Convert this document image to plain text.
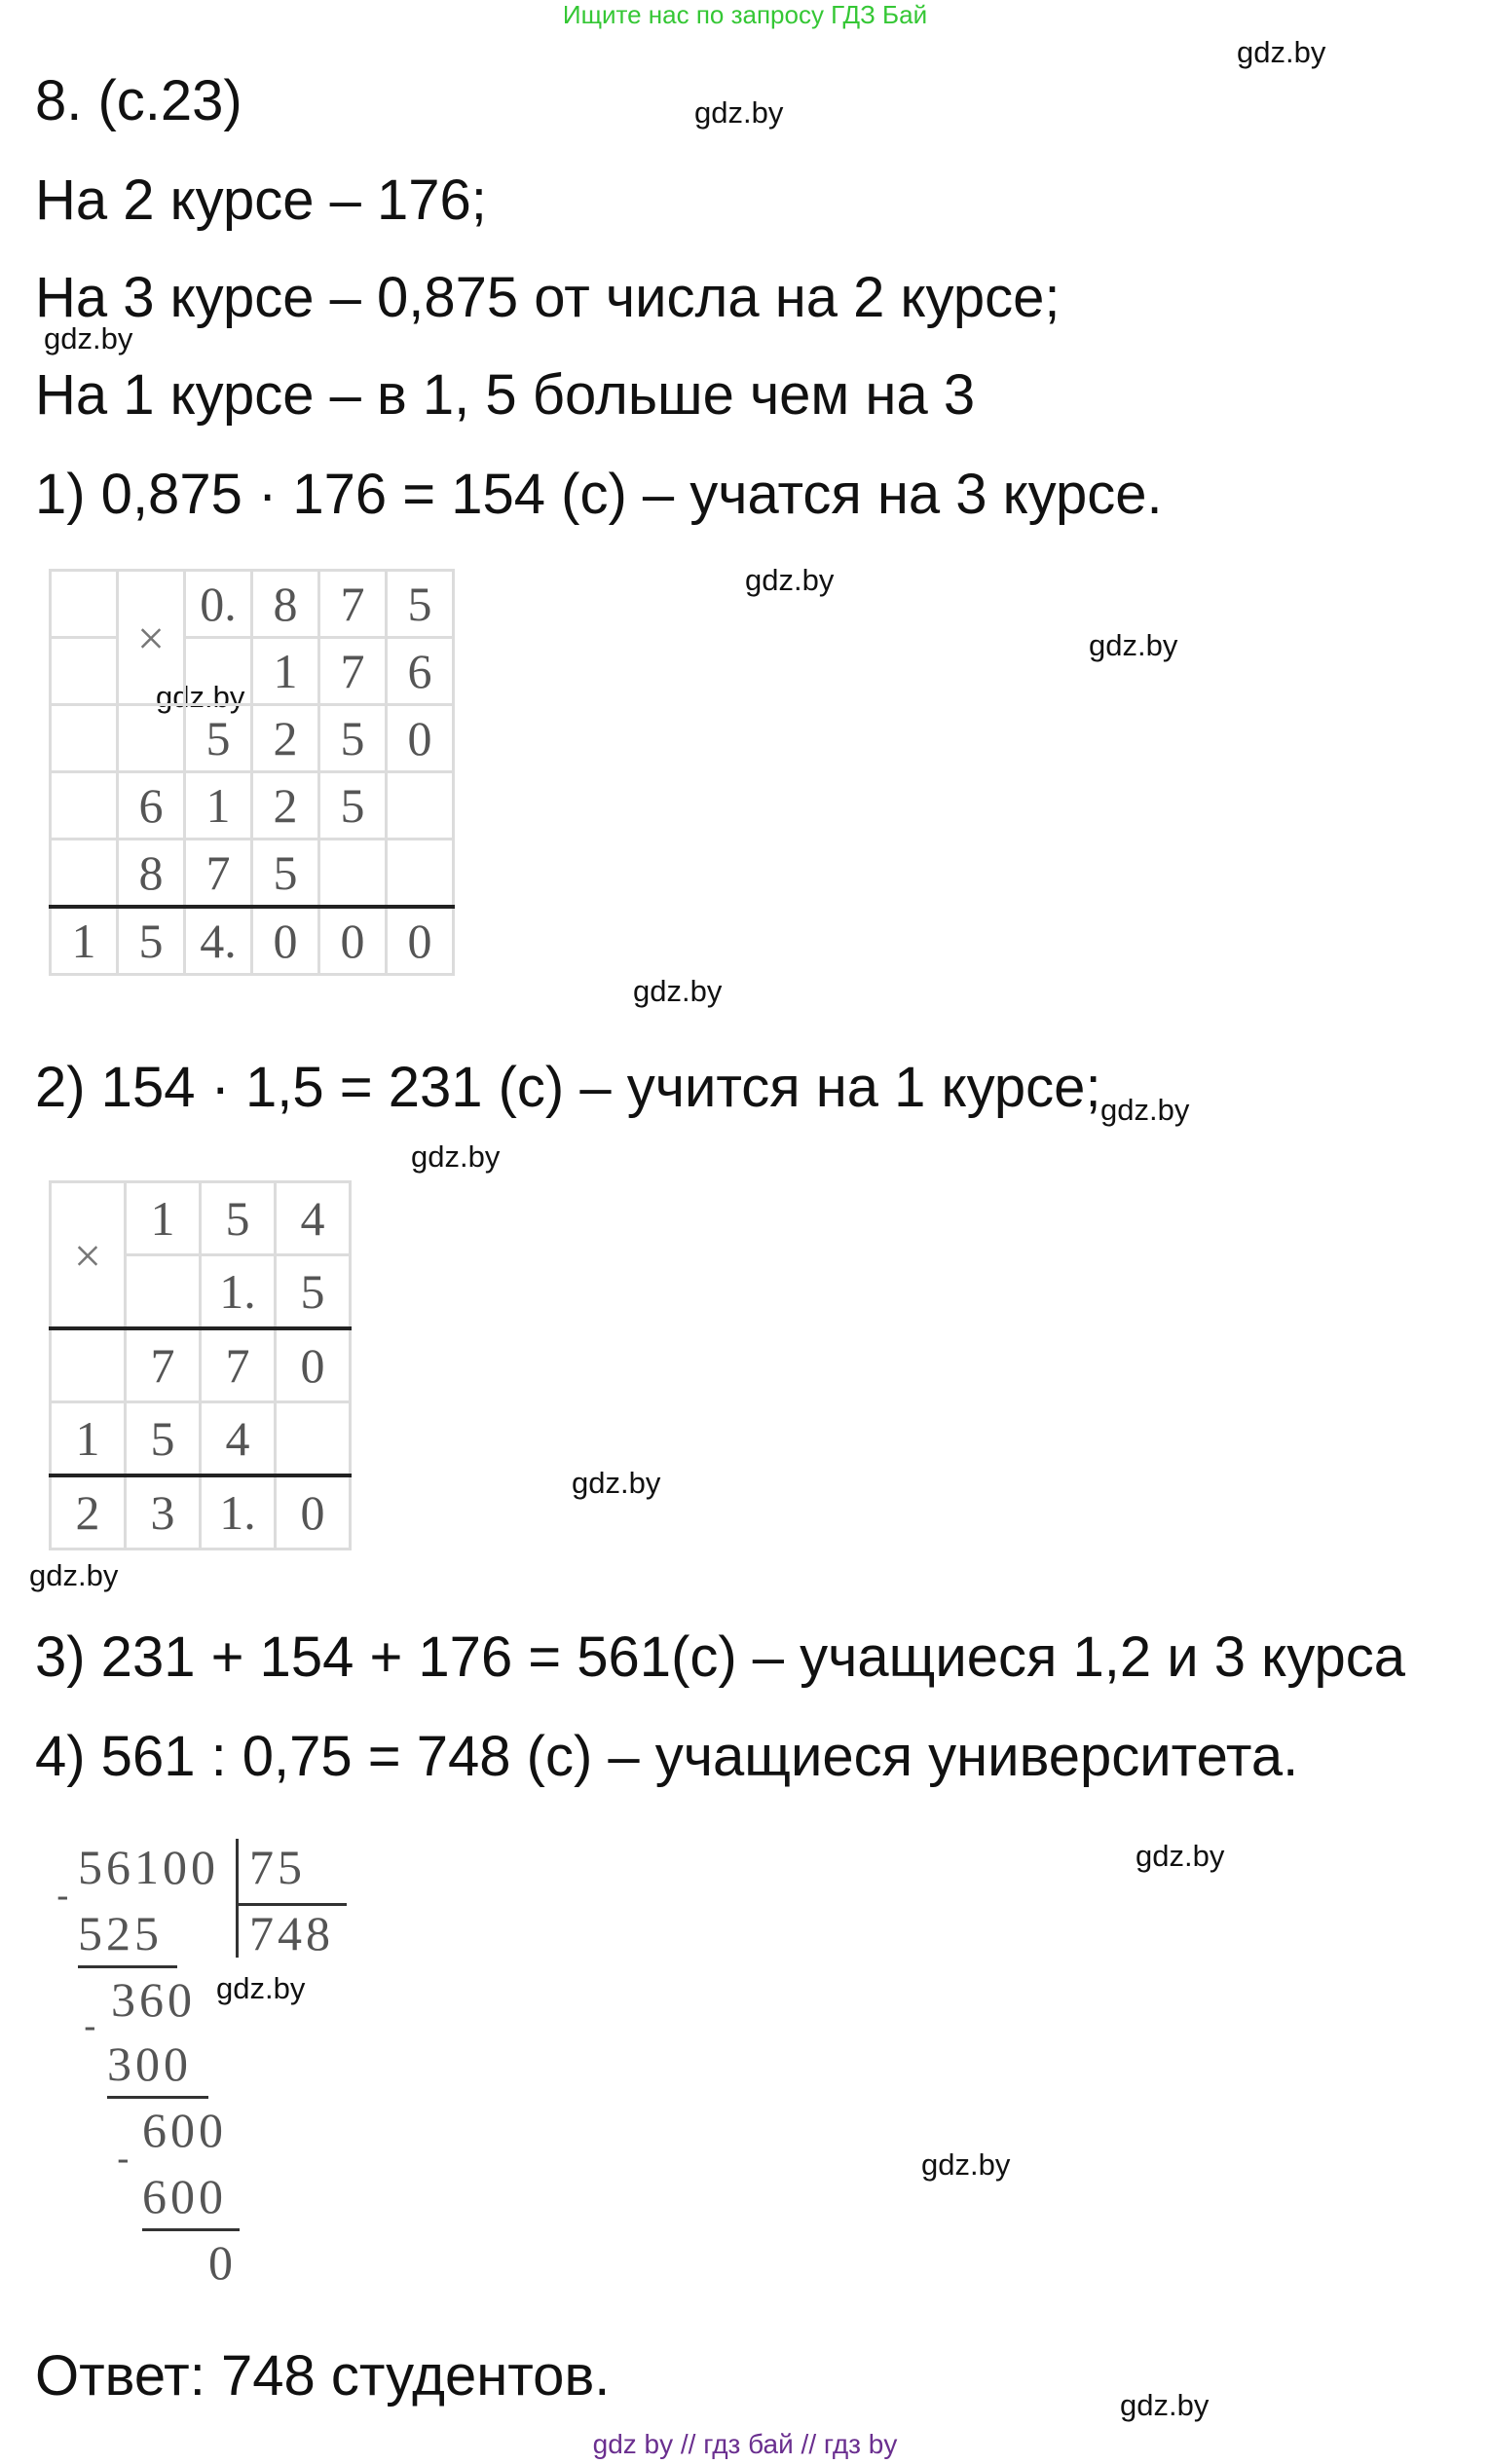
Ищите нас по запросу ГДЗ Бай
gdz.by
gdz.by
gdz.by
gdz.by
gdz.by
gdz.by
gdz.by
gdz.by
gdz.by
gdz.by
gdz.by
gdz.by
gdz.by
gdz.by
gdz.by
8. (с.23)
На 2 курсе – 176;
На 3 курсе – 0,875 от числа на 2 курсе;
На 1 курсе – в 1, 5 больше чем на 3
1) 0,875 · 176 = 154 (с) – учатся на 3 курсе.
	×	0.	8	7	5
			1	7	6
		5	2	5	0
	6	1	2	5	
	8	7	5		
1	5	4.	0	0	0
2) 154 · 1,5 = 231 (с) – учится на 1 курсе;
×	1	5	4
		1.	5
	7	7	0
1	5	4	
2	3	1.	0
3) 231 + 154 + 176 = 561(с) – учащиеся 1,2 и 3 курса
4) 561 : 0,75 = 748 (с) – учащиеся университета.
56100 75
748
-
525
360
-
300
600
-
600
0
Ответ: 748 студентов.
gdz by // гдз бай // гдз by
